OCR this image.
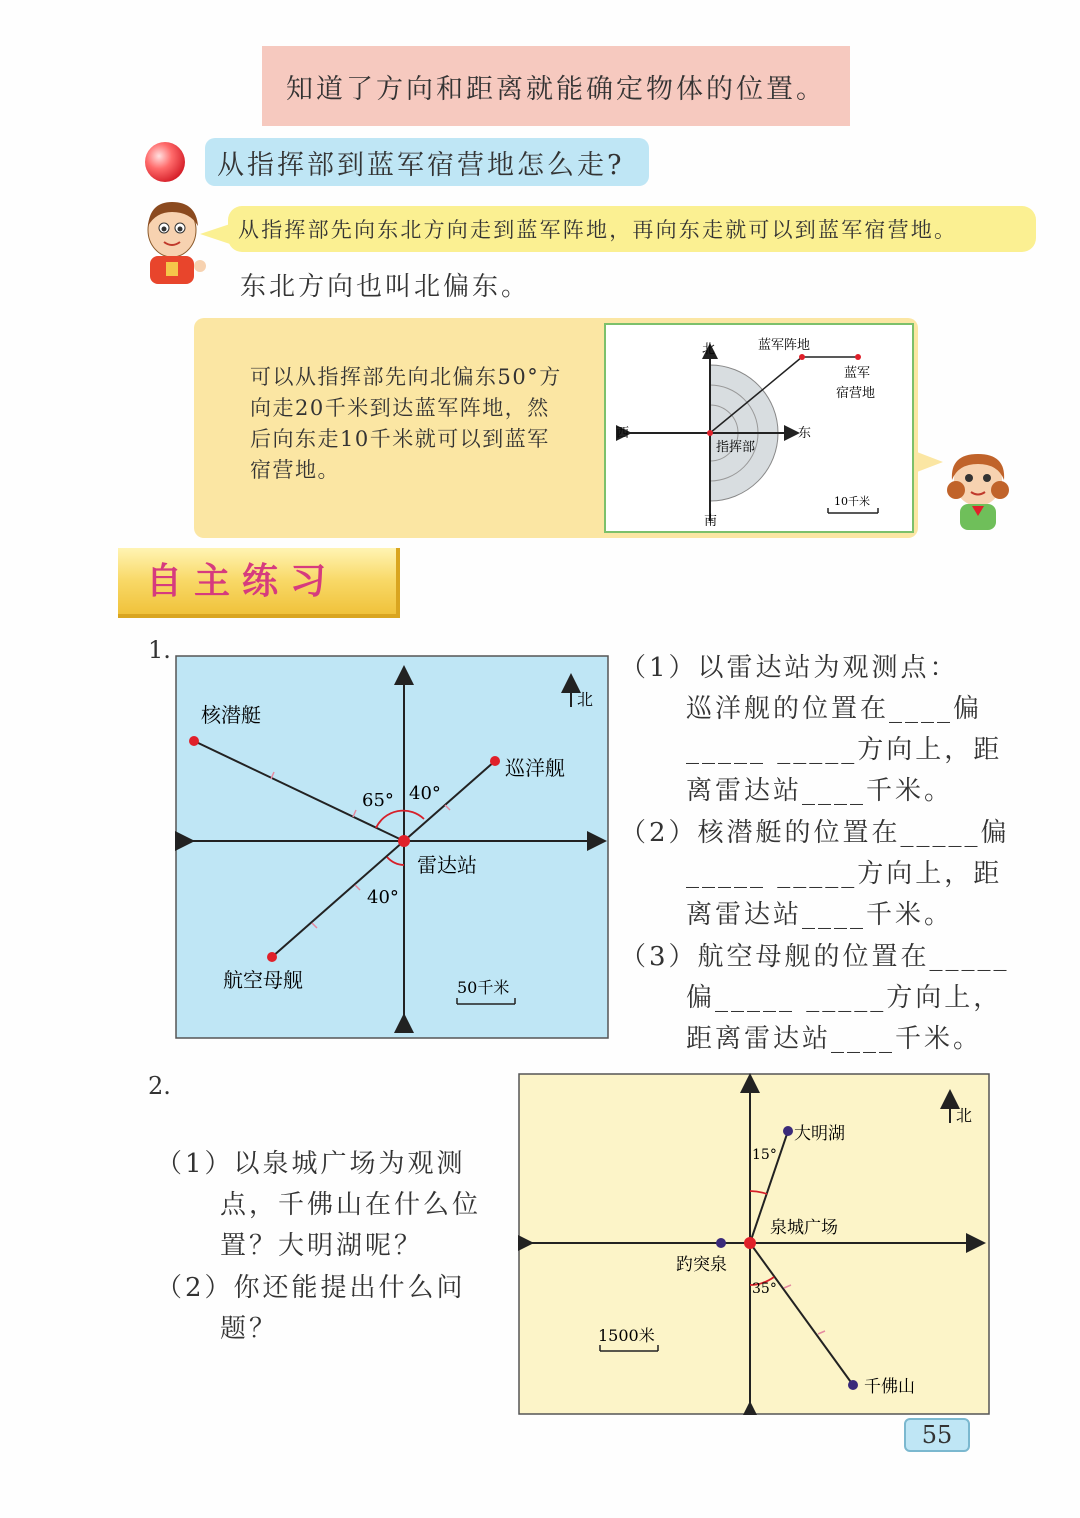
知道了方向和距离就能确定物体的位置。
从指挥部到蓝军宿营地怎么走?
从指挥部先向东北方向走到蓝军阵地，再向东走就可以到蓝军宿营地。
东北方向也叫北偏东。
可以从指挥部先向北偏东50°方向走20千米到达蓝军阵地，然后向东走10千米就可以到蓝军宿营地。
北
南
西	东
指挥部
蓝军阵地
蓝军
宿营地
10千米
自主练习
1.
北
核潜艇
巡洋舰
雷达站
航空母舰
65° 40°
40°
50千米
（1）以雷达站为观测点：
巡洋舰的位置在____偏
_____ _____方向上，距
离雷达站____千米。
（2）核潜艇的位置在_____偏
_____ _____方向上，距
离雷达站____千米。
（3）航空母舰的位置在_____
偏_____ _____方向上，
距离雷达站____千米。
2.
（1）以泉城广场为观测
点，千佛山在什么位
置？大明湖呢？
（2）你还能提出什么问
题？
北
大明湖
泉城广场
趵突泉
千佛山
15°
35°
1500米
55
